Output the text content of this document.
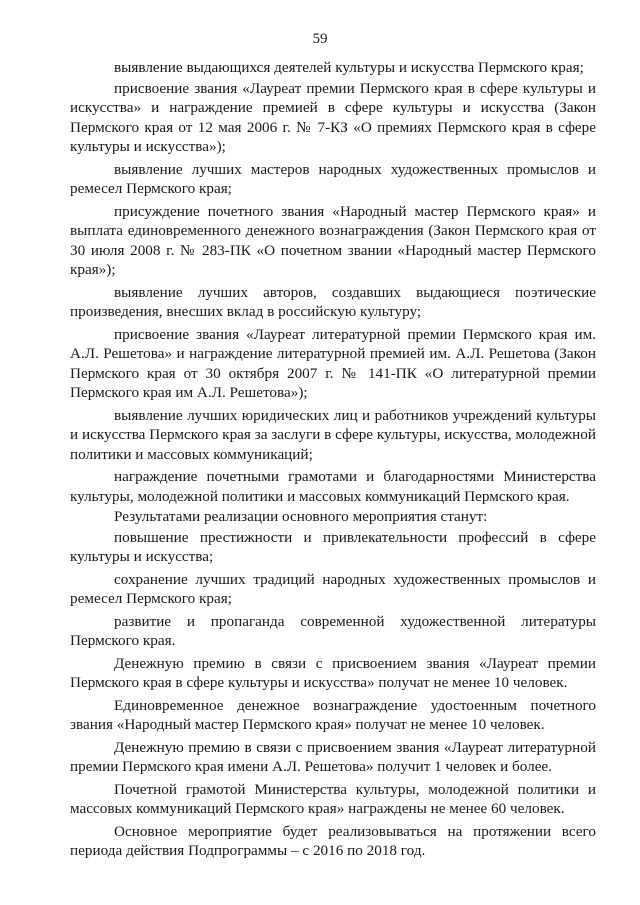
59

выявление выдающихся деятелей культуры и искусства Пермского края;

присвоение звания «Лауреат премии Пермского края в сфере культуры и искусства» и награждение премией в сфере культуры и искусства (Закон Пермского края от 12 мая 2006 г. № 7-КЗ «О премиях Пермского края в сфере культуры и искусства»);

выявление лучших мастеров народных художественных промыслов и ремесел Пермского края;

присуждение почетного звания «Народный мастер Пермского края» и выплата единовременного денежного вознаграждения (Закон Пермского края от 30 июля 2008 г. № 283-ПК «О почетном звании «Народный мастер Пермского края»);

выявление лучших авторов, создавших выдающиеся поэтические произведения, внесших вклад в российскую культуру;

присвоение звания «Лауреат литературной премии Пермского края им. А.Л. Решетова» и награждение литературной премией им. А.Л. Решетова (Закон Пермского края от 30 октября 2007 г. № 141-ПК «О литературной премии Пермского края им А.Л. Решетова»);

выявление лучших юридических лиц и работников учреждений культуры и искусства Пермского края за заслуги в сфере культуры, искусства, молодежной политики и массовых коммуникаций;

награждение почетными грамотами и благодарностями Министерства культуры, молодежной политики и массовых коммуникаций Пермского края.

Результатами реализации основного мероприятия станут:

повышение престижности и привлекательности профессий в сфере культуры и искусства;

сохранение лучших традиций народных художественных промыслов и ремесел Пермского края;

развитие и пропаганда современной художественной литературы Пермского края.

Денежную премию в связи с присвоением звания «Лауреат премии Пермского края в сфере культуры и искусства» получат не менее 10 человек.

Единовременное денежное вознаграждение удостоенным почетного звания «Народный мастер Пермского края» получат не менее 10 человек.

Денежную премию в связи с присвоением звания «Лауреат литературной премии Пермского края имени А.Л. Решетова» получит 1 человек и более.

Почетной грамотой Министерства культуры, молодежной политики и массовых коммуникаций Пермского края» награждены не менее 60 человек.

Основное мероприятие будет реализовываться на протяжении всего периода действия Подпрограммы – с 2016 по 2018 год.
